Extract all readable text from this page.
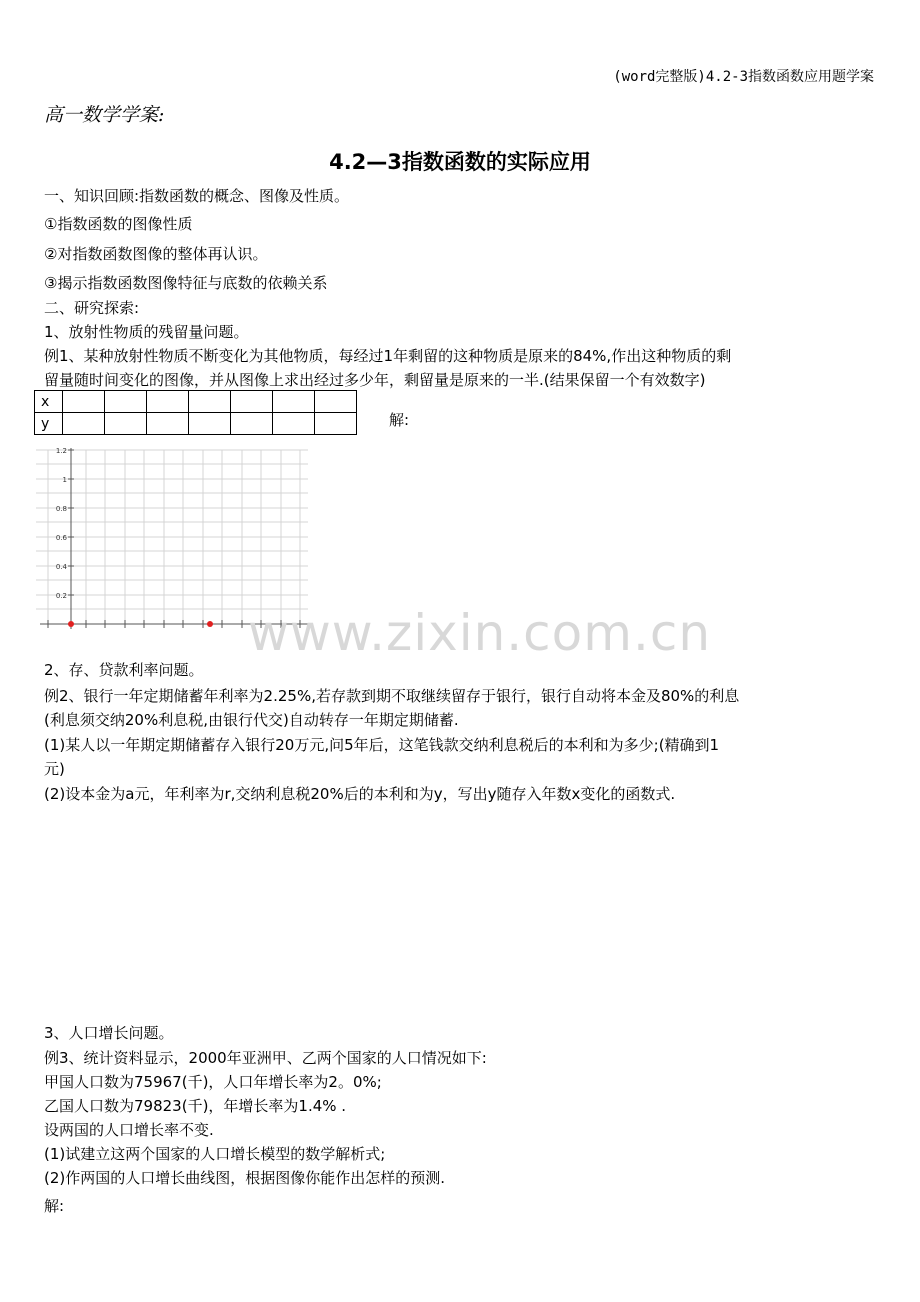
(word完整版)4.2-3指数函数应用题学案
高一数学学案:
4.2—3指数函数的实际应用
一、知识回顾:指数函数的概念、图像及性质。
①指数函数的图像性质
②对指数函数图像的整体再认识。
③揭示指数函数图像特征与底数的依赖关系
二、研究探索:
1、放射性物质的残留量问题。
例1、某种放射性物质不断变化为其他物质，每经过1年剩留的这种物质是原来的84%,作出这种物质的剩
留量随时间变化的图像，并从图像上求出经过多少年，剩留量是原来的一半.(结果保留一个有效数字)
x							
y								解:
1.2
1
0.8
0.6
0.4
0.2
www.zixin.com.cn
2、存、贷款利率问题。
例2、银行一年定期储蓄年利率为2.25%,若存款到期不取继续留存于银行，银行自动将本金及80%的利息
(利息须交纳20%利息税,由银行代交)自动转存一年期定期储蓄.
(1)某人以一年期定期储蓄存入银行20万元,问5年后，这笔钱款交纳利息税后的本利和为多少;(精确到1
元)
(2)设本金为a元，年利率为r,交纳利息税20%后的本利和为y，写出y随存入年数x变化的函数式.
3、人口增长问题。
例3、统计资料显示，2000年亚洲甲、乙两个国家的人口情况如下:
甲国人口数为75967(千)，人口年增长率为2。0%;
乙国人口数为79823(千)，年增长率为1.4% .
设两国的人口增长率不变.
(1)试建立这两个国家的人口增长模型的数学解析式;
(2)作两国的人口增长曲线图，根据图像你能作出怎样的预测.
解:
